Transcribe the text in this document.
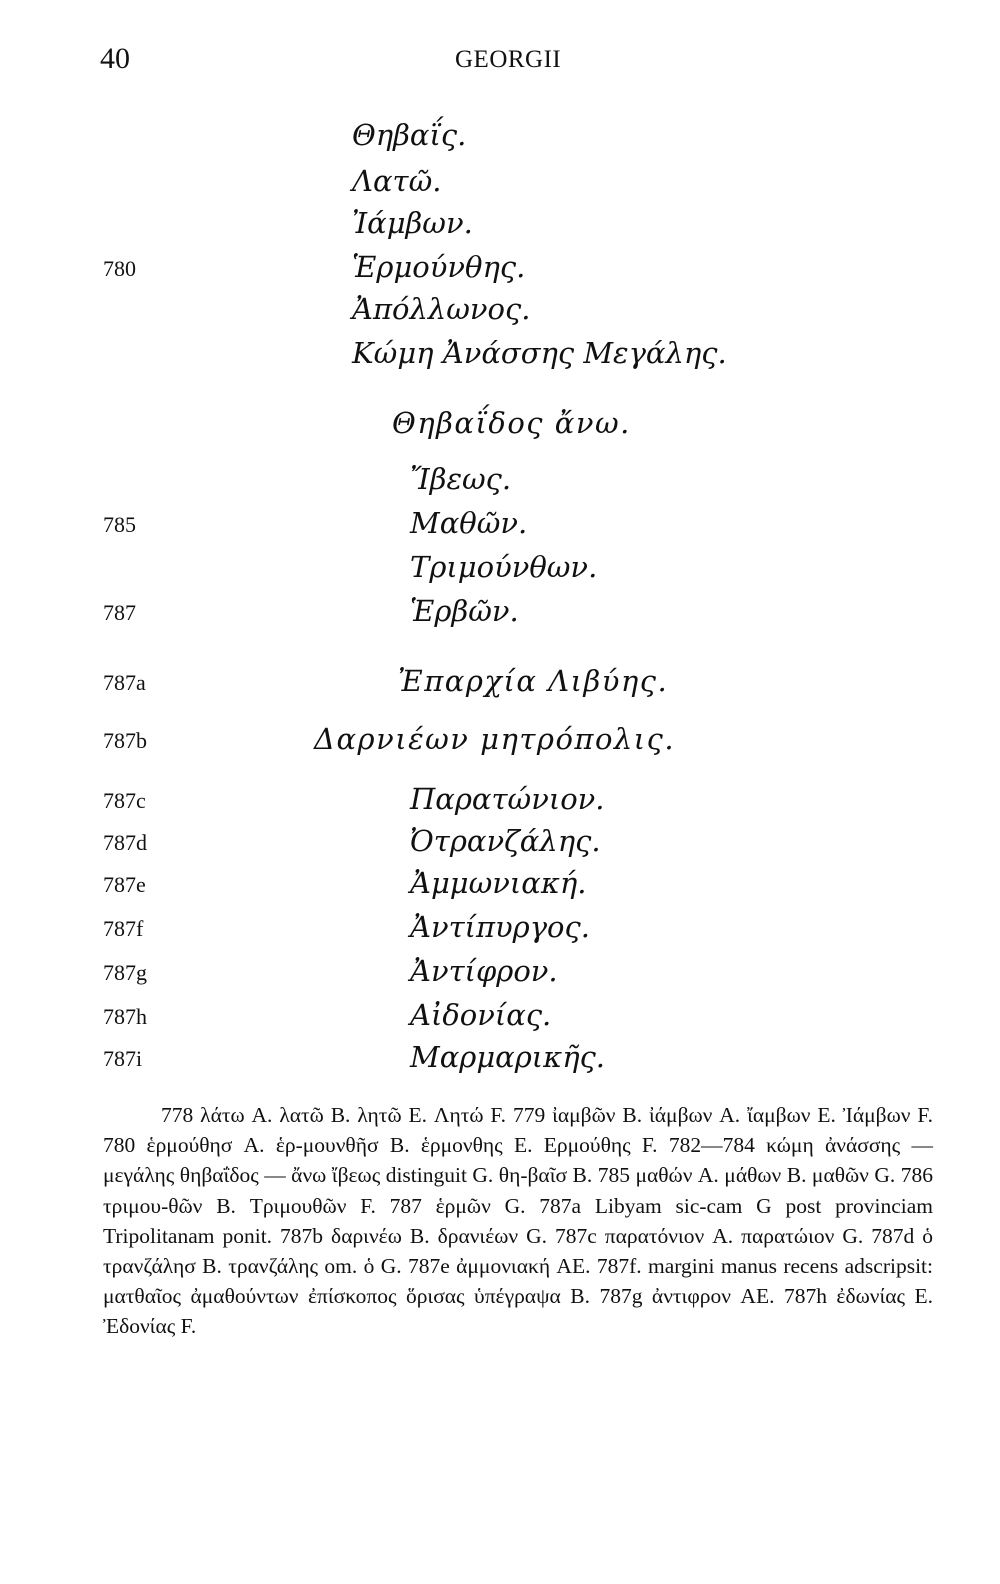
40	GEORGII
Θηβαΐς.
Λατῶ.
Ἰάμβων.
780	Ἑρμούνθης.
Ἀπόλλωνος.
Κώμη Ἀνάσσης Μεγάλης.
Θηβαΐδος ἄνω.
Ἴβεως.
785	Μαθῶν.
Τριμούνθων.
787	Ἑρβῶν.
787a	Ἐπαρχία Λιβύης.
787b	Δαρνιέων μητρόπολις.
787c	Παρατώνιον.
787d	Ὀτρανζάλης.
787e	Ἀμμωνιακή.
787f	Ἀντίπυργος.
787g	Ἀντίφρον.
787h	Αἰδονίας.
787i	Μαρμαρικῆς.
778 λάτω A. λατῶ B. λητῶ E. Λητώ F. 779 ἰαμβῶν B. ἰάμβων A. ἴαμβων E. Ἰάμβων F. 780 ἑρμούθησ A. ἑρ-μουνθῆσ B. ἑρμονθης E. Ερμούθης F. 782—784 κώμη ἀνάσσης — μεγάλης θηβαΐδος — ἄνω ἴβεως distinguit G. θη-βαῖσ B. 785 μαθών A. μάθων B. μαθῶν G. 786 τριμου-θῶν B. Τριμουθῶν F. 787 ἑρμῶν G. 787a Libyam sic-cam G post provinciam Tripolitanam ponit. 787b δαρινέω B. δρανιέων G. 787c παρατόνιον A. παρατώιον G. 787d ὁ τρανζάλησ B. τρανζάλης om. ὁ G. 787e ἀμμονιακή AE. 787f. margini manus recens adscripsit: ματθαῖος ἀμαθούντων ἐπίσκοπος ὅρισας ὑπέγραψα B. 787g ἀντιφρον AE. 787h ἐδωνίας E. Ἐδονίας F.
